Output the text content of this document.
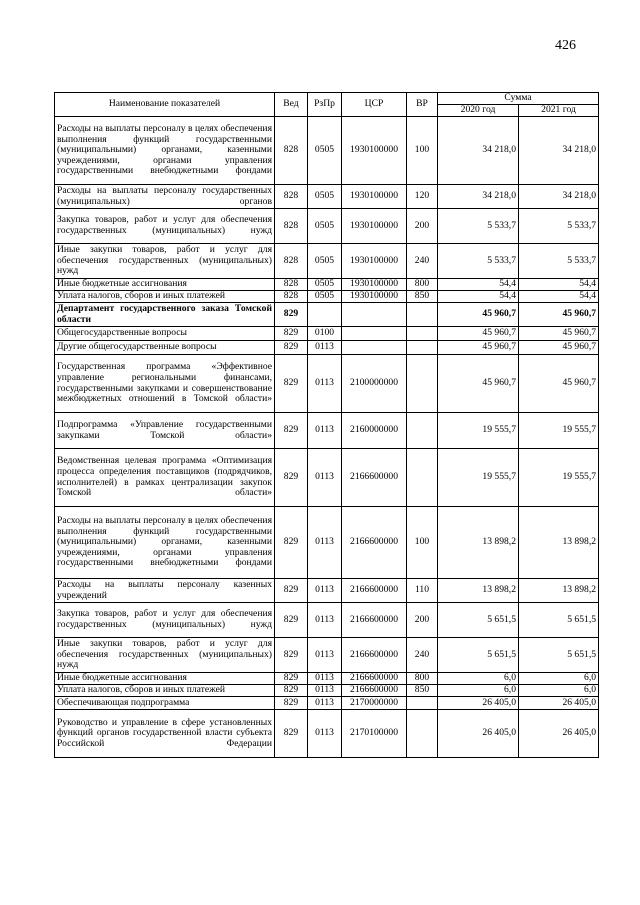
426
Наименование показателей	Вед	РзПр	ЦСР	ВР	Сумма	
					2020 год	2021 год
Расходы на выплаты персоналу в целях обеспечения выполнения функций государственными (муниципальными) органами, казенными учреждениями, органами управления государственными внебюджетными фондами	828	0505	1930100000	100	34 218,0	34 218,0
Расходы на выплаты персоналу государственных (муниципальных) органов	828	0505	1930100000	120	34 218,0	34 218,0
Закупка товаров, работ и услуг для обеспечения государственных (муниципальных) нужд	828	0505	1930100000	200	5 533,7	5 533,7
Иные закупки товаров, работ и услуг для обеспечения государственных (муниципальных) нужд	828	0505	1930100000	240	5 533,7	5 533,7
Иные бюджетные ассигнования	828	0505	1930100000	800	54,4	54,4
Уплата налогов, сборов и иных платежей	828	0505	1930100000	850	54,4	54,4
Департамент государственного заказа Томской области	829				45 960,7	45 960,7
Общегосударственные вопросы	829	0100			45 960,7	45 960,7
Другие общегосударственные вопросы	829	0113			45 960,7	45 960,7
Государственная программа «Эффективное управление региональными финансами, государственными закупками и совершенствование межбюджетных отношений в Томской области»	829	0113	2100000000		45 960,7	45 960,7
Подпрограмма «Управление государственными закупками Томской области»	829	0113	2160000000		19 555,7	19 555,7
Ведомственная целевая программа «Оптимизация процесса определения поставщиков (подрядчиков, исполнителей) в рамках централизации закупок Томской области»	829	0113	2166600000		19 555,7	19 555,7
Расходы на выплаты персоналу в целях обеспечения выполнения функций государственными (муниципальными) органами, казенными учреждениями, органами управления государственными внебюджетными фондами	829	0113	2166600000	100	13 898,2	13 898,2
Расходы на выплаты персоналу казенных учреждений	829	0113	2166600000	110	13 898,2	13 898,2
Закупка товаров, работ и услуг для обеспечения государственных (муниципальных) нужд	829	0113	2166600000	200	5 651,5	5 651,5
Иные закупки товаров, работ и услуг для обеспечения государственных (муниципальных) нужд	829	0113	2166600000	240	5 651,5	5 651,5
Иные бюджетные ассигнования	829	0113	2166600000	800	6,0	6,0
Уплата налогов, сборов и иных платежей	829	0113	2166600000	850	6,0	6,0
Обеспечивающая подпрограмма	829	0113	2170000000		26 405,0	26 405,0
Руководство и управление в сфере установленных функций органов государственной власти субъекта Российской Федерации	829	0113	2170100000		26 405,0	26 405,0
